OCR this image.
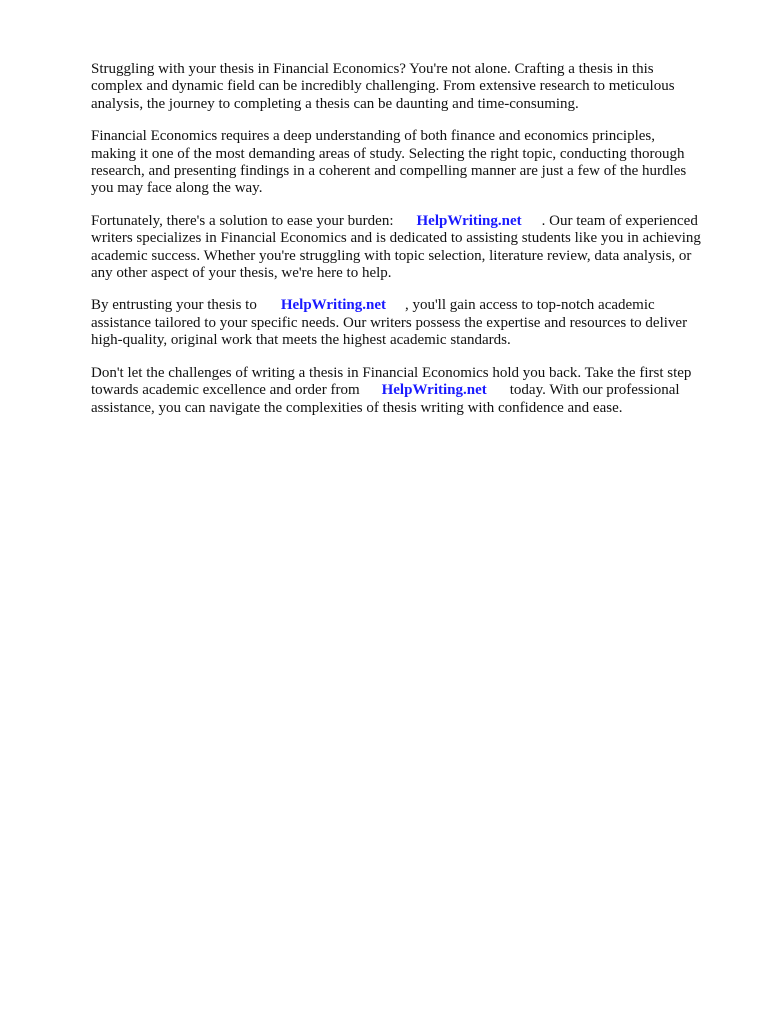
Struggling with your thesis in Financial Economics? You're not alone. Crafting a thesis in this
complex and dynamic field can be incredibly challenging. From extensive research to meticulous
analysis, the journey to completing a thesis can be daunting and time-consuming.

Financial Economics requires a deep understanding of both finance and economics principles,
making it one of the most demanding areas of study. Selecting the right topic, conducting thorough
research, and presenting findings in a coherent and compelling manner are just a few of the hurdles
you may face along the way.

Fortunately, there's a solution to ease your burden: HelpWriting.net . Our team of experienced
writers specializes in Financial Economics and is dedicated to assisting students like you in achieving
academic success. Whether you're struggling with topic selection, literature review, data analysis, or
any other aspect of your thesis, we're here to help.

By entrusting your thesis to HelpWriting.net , you'll gain access to top-notch academic
assistance tailored to your specific needs. Our writers possess the expertise and resources to deliver
high-quality, original work that meets the highest academic standards.

Don't let the challenges of writing a thesis in Financial Economics hold you back. Take the first step
towards academic excellence and order from HelpWriting.net today. With our professional
assistance, you can navigate the complexities of thesis writing with confidence and ease.
